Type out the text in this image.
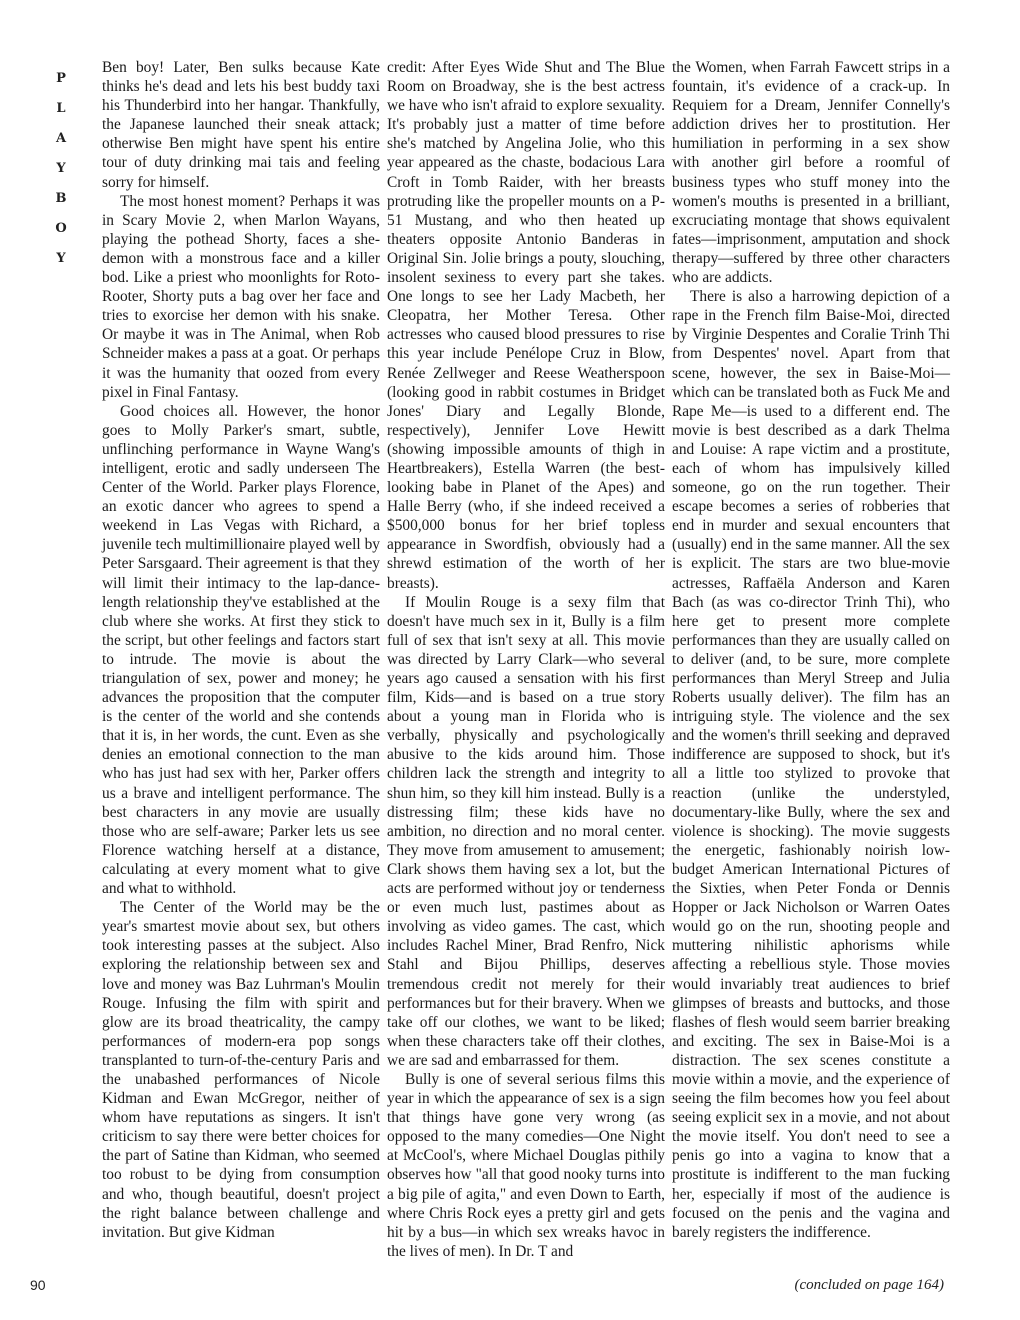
P
L
A
Y
B
O
Y

Ben boy! Later, Ben sulks because Kate thinks he's dead and lets his best buddy taxi his Thunderbird into her hangar. Thankfully, the Japanese launched their sneak attack; otherwise Ben might have spent his entire tour of duty drinking mai tais and feeling sorry for himself.

The most honest moment? Perhaps it was in Scary Movie 2, when Marlon Wayans, playing the pothead Shorty, faces a she-demon with a monstrous face and a killer bod. Like a priest who moonlights for Roto-Rooter, Shorty puts a bag over her face and tries to exorcise her demon with his snake. Or maybe it was in The Animal, when Rob Schneider makes a pass at a goat. Or perhaps it was the humanity that oozed from every pixel in Final Fantasy.

Good choices all. However, the honor goes to Molly Parker's smart, subtle, unflinching performance in Wayne Wang's intelligent, erotic and sadly underseen The Center of the World. Parker plays Florence, an exotic dancer who agrees to spend a weekend in Las Vegas with Richard, a juvenile tech multimillionaire played well by Peter Sarsgaard. Their agreement is that they will limit their intimacy to the lap-dance-length relationship they've established at the club where she works. At first they stick to the script, but other feelings and factors start to intrude. The movie is about the triangulation of sex, power and money; he advances the proposition that the computer is the center of the world and she contends that it is, in her words, the cunt. Even as she denies an emotional connection to the man who has just had sex with her, Parker offers us a brave and intelligent performance. The best characters in any movie are usually those who are self-aware; Parker lets us see Florence watching herself at a distance, calculating at every moment what to give and what to withhold.

The Center of the World may be the year's smartest movie about sex, but others took interesting passes at the subject. Also exploring the relationship between sex and love and money was Baz Luhrman's Moulin Rouge. Infusing the film with spirit and glow are its broad theatricality, the campy performances of modern-era pop songs transplanted to turn-of-the-century Paris and the unabashed performances of Nicole Kidman and Ewan McGregor, neither of whom have reputations as singers. It isn't criticism to say there were better choices for the part of Satine than Kidman, who seemed too robust to be dying from consumption and who, though beautiful, doesn't project the right balance between challenge and invitation. But give Kidman

credit: After Eyes Wide Shut and The Blue Room on Broadway, she is the best actress we have who isn't afraid to explore sexuality. It's probably just a matter of time before she's matched by Angelina Jolie, who this year appeared as the chaste, bodacious Lara Croft in Tomb Raider, with her breasts protruding like the propeller mounts on a P-51 Mustang, and who then heated up theaters opposite Antonio Banderas in Original Sin. Jolie brings a pouty, slouching, insolent sexiness to every part she takes. One longs to see her Lady Macbeth, her Cleopatra, her Mother Teresa. Other actresses who caused blood pressures to rise this year include Penélope Cruz in Blow, Renée Zellweger and Reese Weatherspoon (looking good in rabbit costumes in Bridget Jones' Diary and Legally Blonde, respectively), Jennifer Love Hewitt (showing impossible amounts of thigh in Heartbreakers), Estella Warren (the best-looking babe in Planet of the Apes) and Halle Berry (who, if she indeed received a $500,000 bonus for her brief topless appearance in Swordfish, obviously had a shrewd estimation of the worth of her breasts).

If Moulin Rouge is a sexy film that doesn't have much sex in it, Bully is a film full of sex that isn't sexy at all. This movie was directed by Larry Clark—who several years ago caused a sensation with his first film, Kids—and is based on a true story about a young man in Florida who is verbally, physically and psychologically abusive to the kids around him. Those children lack the strength and integrity to shun him, so they kill him instead. Bully is a distressing film; these kids have no ambition, no direction and no moral center. They move from amusement to amusement; Clark shows them having sex a lot, but the acts are performed without joy or tenderness or even much lust, pastimes about as involving as video games. The cast, which includes Rachel Miner, Brad Renfro, Nick Stahl and Bijou Phillips, deserves tremendous credit not merely for their performances but for their bravery. When we take off our clothes, we want to be liked; when these characters take off their clothes, we are sad and embarrassed for them.

Bully is one of several serious films this year in which the appearance of sex is a sign that things have gone very wrong (as opposed to the many comedies—One Night at McCool's, where Michael Douglas pithily observes how "all that good nooky turns into a big pile of agita," and even Down to Earth, where Chris Rock eyes a pretty girl and gets hit by a bus—in which sex wreaks havoc in the lives of men). In Dr. T and

the Women, when Farrah Fawcett strips in a fountain, it's evidence of a crack-up. In Requiem for a Dream, Jennifer Connelly's addiction drives her to prostitution. Her humiliation in performing in a sex show with another girl before a roomful of business types who stuff money into the women's mouths is presented in a brilliant, excruciating montage that shows equivalent fates—imprisonment, amputation and shock therapy—suffered by three other characters who are addicts.

There is also a harrowing depiction of a rape in the French film Baise-Moi, directed by Virginie Despentes and Coralie Trinh Thi from Despentes' novel. Apart from that scene, however, the sex in Baise-Moi—which can be translated both as Fuck Me and Rape Me—is used to a different end. The movie is best described as a dark Thelma and Louise: A rape victim and a prostitute, each of whom has impulsively killed someone, go on the run together. Their escape becomes a series of robberies that end in murder and sexual encounters that (usually) end in the same manner. All the sex is explicit. The stars are two blue-movie actresses, Raffaëla Anderson and Karen Bach (as was co-director Trinh Thi), who here get to present more complete performances than they are usually called on to deliver (and, to be sure, more complete performances than Meryl Streep and Julia Roberts usually deliver). The film has an intriguing style. The violence and the sex and the women's thrill seeking and depraved indifference are supposed to shock, but it's all a little too stylized to provoke that reaction (unlike the understyled, documentary-like Bully, where the sex and violence is shocking). The movie suggests the energetic, fashionably noirish low-budget American International Pictures of the Sixties, when Peter Fonda or Dennis Hopper or Jack Nicholson or Warren Oates would go on the run, shooting people and muttering nihilistic aphorisms while affecting a rebellious style. Those movies would invariably treat audiences to brief glimpses of breasts and buttocks, and those flashes of flesh would seem barrier breaking and exciting. The sex in Baise-Moi is a distraction. The sex scenes constitute a movie within a movie, and the experience of seeing the film becomes how you feel about seeing explicit sex in a movie, and not about the movie itself. You don't need to see a penis go into a vagina to know that a prostitute is indifferent to the man fucking her, especially if most of the audience is focused on the penis and the vagina and barely registers the indifference.

90	(concluded on page 164)
